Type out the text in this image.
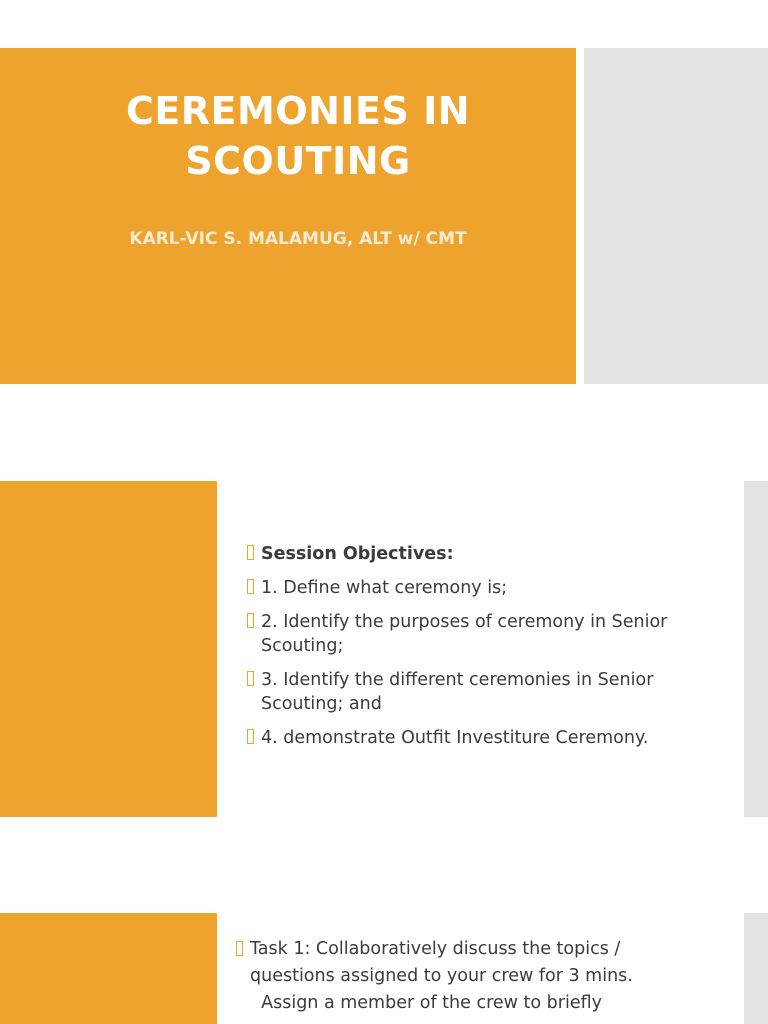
CEREMONIES IN
SCOUTING

KARL-VIC S. MALAMUG, ALT w/ CMT

Session Objectives:
1. Define what ceremony is;
2. Identify the purposes of ceremony in Senior Scouting;
3. Identify the different ceremonies in Senior Scouting; and
4. demonstrate Outfit Investiture Ceremony.

Task 1: Collaboratively discuss the topics /
questions assigned to your crew for 3 mins.
Assign a member of the crew to briefly
